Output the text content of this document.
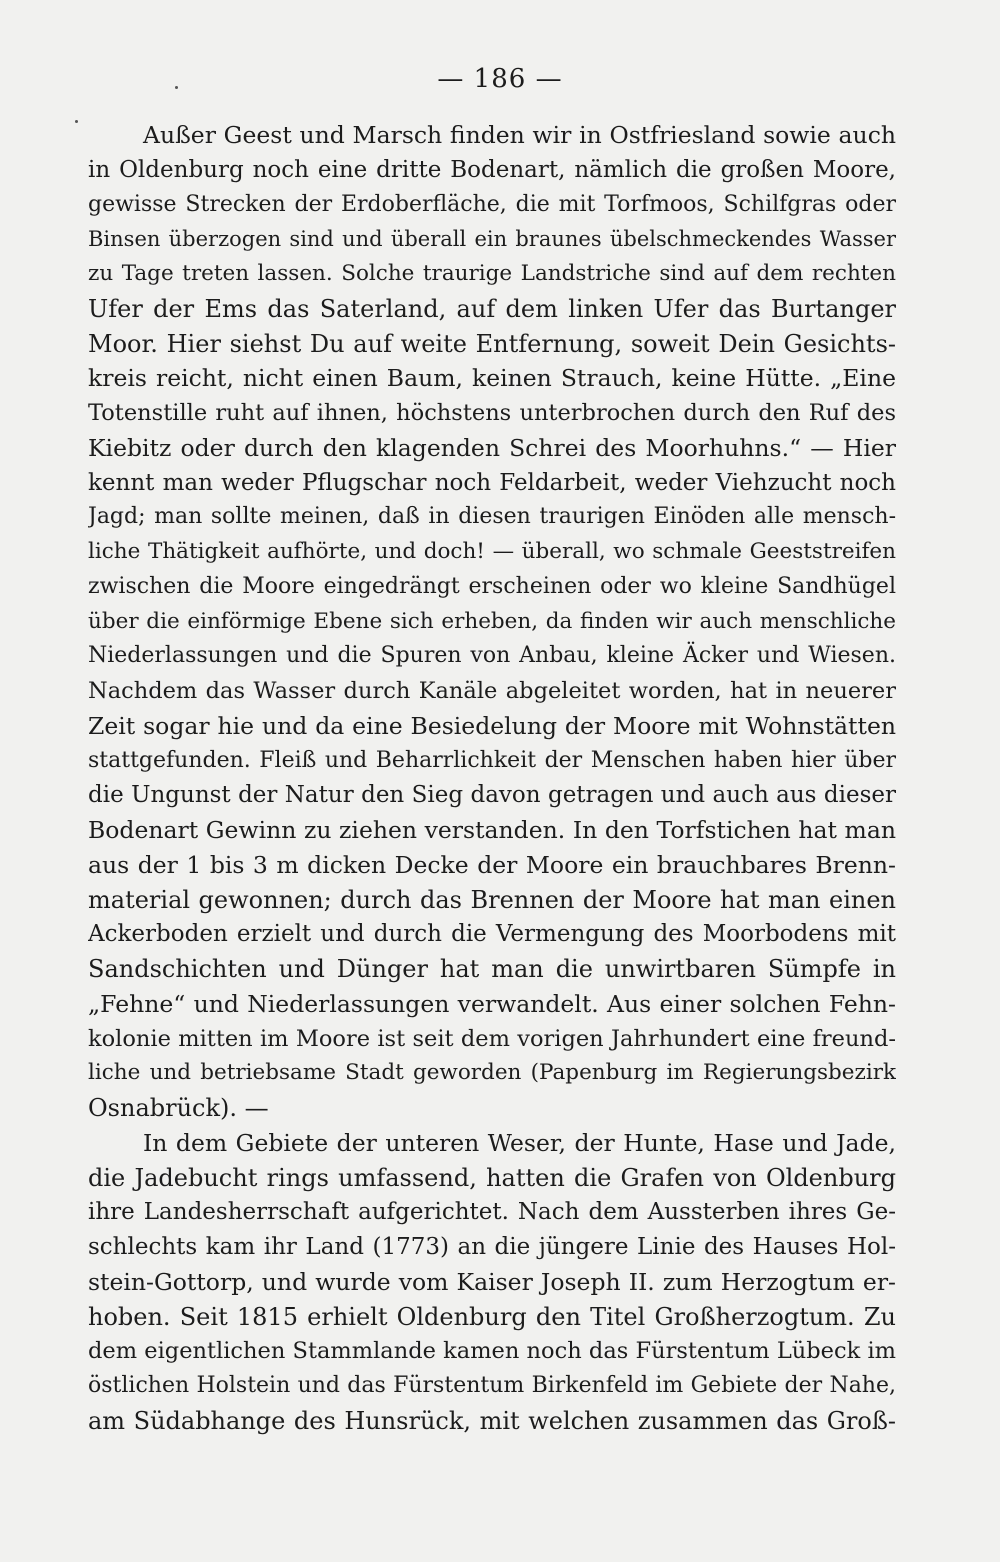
— 186 —
Außer Geest und Marsch finden wir in Ostfriesland sowie auch
in Oldenburg noch eine dritte Bodenart, nämlich die großen Moore,
gewisse Strecken der Erdoberfläche, die mit Torfmoos, Schilfgras oder
Binsen überzogen sind und überall ein braunes übelschmeckendes Wasser
zu Tage treten lassen. Solche traurige Landstriche sind auf dem rechten
Ufer der Ems das Saterland, auf dem linken Ufer das Burtanger
Moor. Hier siehst Du auf weite Entfernung, soweit Dein Gesichts-
kreis reicht, nicht einen Baum, keinen Strauch, keine Hütte. „Eine
Totenstille ruht auf ihnen, höchstens unterbrochen durch den Ruf des
Kiebitz oder durch den klagenden Schrei des Moorhuhns.“ — Hier
kennt man weder Pflugschar noch Feldarbeit, weder Viehzucht noch
Jagd; man sollte meinen, daß in diesen traurigen Einöden alle mensch-
liche Thätigkeit aufhörte, und doch! — überall, wo schmale Geeststreifen
zwischen die Moore eingedrängt erscheinen oder wo kleine Sandhügel
über die einförmige Ebene sich erheben, da finden wir auch menschliche
Niederlassungen und die Spuren von Anbau, kleine Äcker und Wiesen.
Nachdem das Wasser durch Kanäle abgeleitet worden, hat in neuerer
Zeit sogar hie und da eine Besiedelung der Moore mit Wohnstätten
stattgefunden. Fleiß und Beharrlichkeit der Menschen haben hier über
die Ungunst der Natur den Sieg davon getragen und auch aus dieser
Bodenart Gewinn zu ziehen verstanden. In den Torfstichen hat man
aus der 1 bis 3 m dicken Decke der Moore ein brauchbares Brenn-
material gewonnen; durch das Brennen der Moore hat man einen
Ackerboden erzielt und durch die Vermengung des Moorbodens mit
Sandschichten und Dünger hat man die unwirtbaren Sümpfe in
„Fehne“ und Niederlassungen verwandelt. Aus einer solchen Fehn-
kolonie mitten im Moore ist seit dem vorigen Jahrhundert eine freund-
liche und betriebsame Stadt geworden (Papenburg im Regierungsbezirk
Osnabrück). —
In dem Gebiete der unteren Weser, der Hunte, Hase und Jade,
die Jadebucht rings umfassend, hatten die Grafen von Oldenburg
ihre Landesherrschaft aufgerichtet. Nach dem Aussterben ihres Ge-
schlechts kam ihr Land (1773) an die jüngere Linie des Hauses Hol-
stein-Gottorp, und wurde vom Kaiser Joseph II. zum Herzogtum er-
hoben. Seit 1815 erhielt Oldenburg den Titel Großherzogtum. Zu
dem eigentlichen Stammlande kamen noch das Fürstentum Lübeck im
östlichen Holstein und das Fürstentum Birkenfeld im Gebiete der Nahe,
am Südabhange des Hunsrück, mit welchen zusammen das Groß-
